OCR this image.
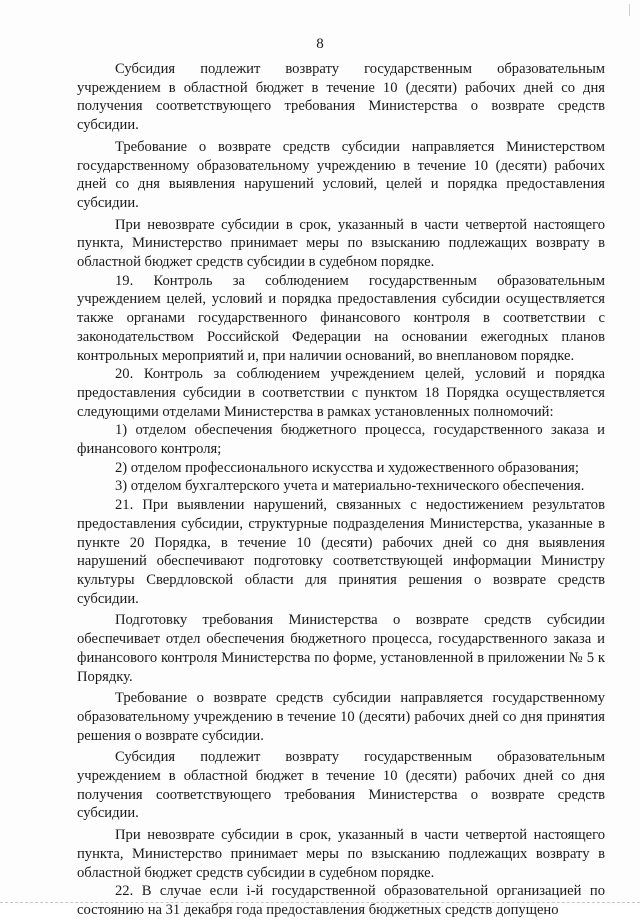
8

Субсидия подлежит возврату государственным образовательным учреждением в областной бюджет в течение 10 (десяти) рабочих дней со дня получения соответствующего требования Министерства о возврате средств субсидии.

Требование о возврате средств субсидии направляется Министерством государственному образовательному учреждению в течение 10 (десяти) рабочих дней со дня выявления нарушений условий, целей и порядка предоставления субсидии.

При невозврате субсидии в срок, указанный в части четвертой настоящего пункта, Министерство принимает меры по взысканию подлежащих возврату в областной бюджет средств субсидии в судебном порядке.

19. Контроль за соблюдением государственным образовательным учреждением целей, условий и порядка предоставления субсидии осуществляется также органами государственного финансового контроля в соответствии с законодательством Российской Федерации на основании ежегодных планов контрольных мероприятий и, при наличии оснований, во внеплановом порядке.

20. Контроль за соблюдением учреждением целей, условий и порядка предоставления субсидии в соответствии с пунктом 18 Порядка осуществляется следующими отделами Министерства в рамках установленных полномочий:

1) отделом обеспечения бюджетного процесса, государственного заказа и финансового контроля;

2) отделом профессионального искусства и художественного образования;

3) отделом бухгалтерского учета и материально-технического обеспечения.

21. При выявлении нарушений, связанных с недостижением результатов предоставления субсидии, структурные подразделения Министерства, указанные в пункте 20 Порядка, в течение 10 (десяти) рабочих дней со дня выявления нарушений обеспечивают подготовку соответствующей информации Министру культуры Свердловской области для принятия решения о возврате средств субсидии.

Подготовку требования Министерства о возврате средств субсидии обеспечивает отдел обеспечения бюджетного процесса, государственного заказа и финансового контроля Министерства по форме, установленной в приложении № 5 к Порядку.

Требование о возврате средств субсидии направляется государственному образовательному учреждению в течение 10 (десяти) рабочих дней со дня принятия решения о возврате субсидии.

Субсидия подлежит возврату государственным образовательным учреждением в областной бюджет в течение 10 (десяти) рабочих дней со дня получения соответствующего требования Министерства о возврате средств субсидии.

При невозврате субсидии в срок, указанный в части четвертой настоящего пункта, Министерство принимает меры по взысканию подлежащих возврату в областной бюджет средств субсидии в судебном порядке.

22. В случае если i-й государственной образовательной организацией по состоянию на 31 декабря года предоставления бюджетных средств допущено
